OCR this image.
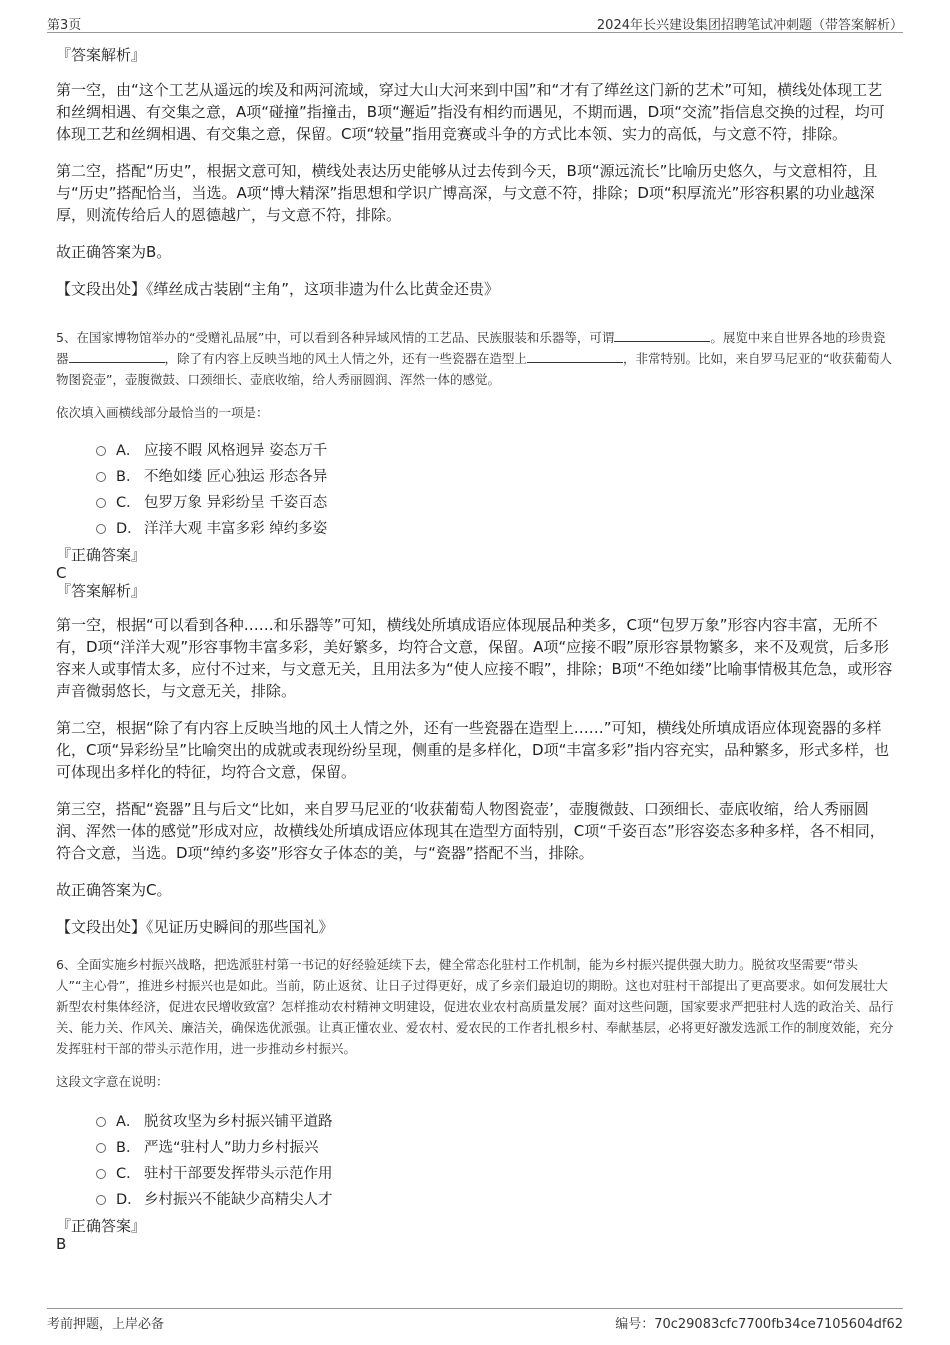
第3页	2024年长兴建设集团招聘笔试冲刺题（带答案解析）

『答案解析』

第一空，由“这个工艺从遥远的埃及和两河流域，穿过大山大河来到中国”和“才有了缂丝这门新的艺术”可知，横线处体现工艺和丝绸相遇、有交集之意，A项“碰撞”指撞击，B项“邂逅”指没有相约而遇见，不期而遇，D项“交流”指信息交换的过程，均可体现工艺和丝绸相遇、有交集之意，保留。C项“较量”指用竞赛或斗争的方式比本领、实力的高低，与文意不符，排除。

第二空，搭配“历史”，根据文意可知，横线处表达历史能够从过去传到今天，B项“源远流长”比喻历史悠久，与文意相符，且与“历史”搭配恰当，当选。A项“博大精深”指思想和学识广博高深，与文意不符，排除；D项“积厚流光”形容积累的功业越深厚，则流传给后人的恩德越广，与文意不符，排除。

故正确答案为B。

【文段出处】《缂丝成古装剧“主角”，这项非遗为什么比黄金还贵》

5、在国家博物馆举办的“受赠礼品展”中，可以看到各种异域风情的工艺品、民族服装和乐器等，可谓	。展览中来自世界各地的珍贵瓷器	，除了有内容上反映当地的风土人情之外，还有一些瓷器在造型上	，非常特别。比如，来自罗马尼亚的“收获葡萄人物图瓷壶”，壶腹微鼓、口颈细长、壶底收缩，给人秀丽圆润、浑然一体的感觉。

依次填入画横线部分最恰当的一项是：

A． 应接不暇 风格迥异 姿态万千

B． 不绝如缕 匠心独运 形态各异

C． 包罗万象 异彩纷呈 千姿百态

D． 洋洋大观 丰富多彩 绰约多姿

『正确答案』

C

『答案解析』

第一空，根据“可以看到各种……和乐器等”可知，横线处所填成语应体现展品种类多，C项“包罗万象”形容内容丰富，无所不有，D项“洋洋大观”形容事物丰富多彩，美好繁多，均符合文意，保留。A项“应接不暇”原形容景物繁多，来不及观赏，后多形容来人或事情太多，应付不过来，与文意无关，且用法多为“使人应接不暇”，排除；B项“不绝如缕”比喻事情极其危急，或形容声音微弱悠长，与文意无关，排除。

第二空，根据“除了有内容上反映当地的风土人情之外，还有一些瓷器在造型上……”可知，横线处所填成语应体现瓷器的多样化，C项“异彩纷呈”比喻突出的成就或表现纷纷呈现，侧重的是多样化，D项“丰富多彩”指内容充实，品种繁多，形式多样，也可体现出多样化的特征，均符合文意，保留。

第三空，搭配“瓷器”且与后文“比如，来自罗马尼亚的‘收获葡萄人物图瓷壶’，壶腹微鼓、口颈细长、壶底收缩，给人秀丽圆润、浑然一体的感觉”形成对应，故横线处所填成语应体现其在造型方面特别，C项“千姿百态”形容姿态多种多样，各不相同，符合文意，当选。D项“绰约多姿”形容女子体态的美，与“瓷器”搭配不当，排除。

故正确答案为C。

【文段出处】《见证历史瞬间的那些国礼》

6、全面实施乡村振兴战略，把选派驻村第一书记的好经验延续下去，健全常态化驻村工作机制，能为乡村振兴提供强大助力。脱贫攻坚需要“带头人”“主心骨”，推进乡村振兴也是如此。当前，防止返贫、让日子过得更好，成了乡亲们最迫切的期盼。这也对驻村干部提出了更高要求。如何发展壮大新型农村集体经济，促进农民增收致富？怎样推动农村精神文明建设，促进农业农村高质量发展？面对这些问题，国家要求严把驻村人选的政治关、品行关、能力关、作风关、廉洁关，确保选优派强。让真正懂农业、爱农村、爱农民的工作者扎根乡村、奉献基层，必将更好激发选派工作的制度效能，充分发挥驻村干部的带头示范作用，进一步推动乡村振兴。

这段文字意在说明：

A． 脱贫攻坚为乡村振兴铺平道路

B． 严选“驻村人”助力乡村振兴

C． 驻村干部要发挥带头示范作用

D． 乡村振兴不能缺少高精尖人才

『正确答案』

B

考前押题，上岸必备	编号：70c29083cfc7700fb34ce7105604df62
